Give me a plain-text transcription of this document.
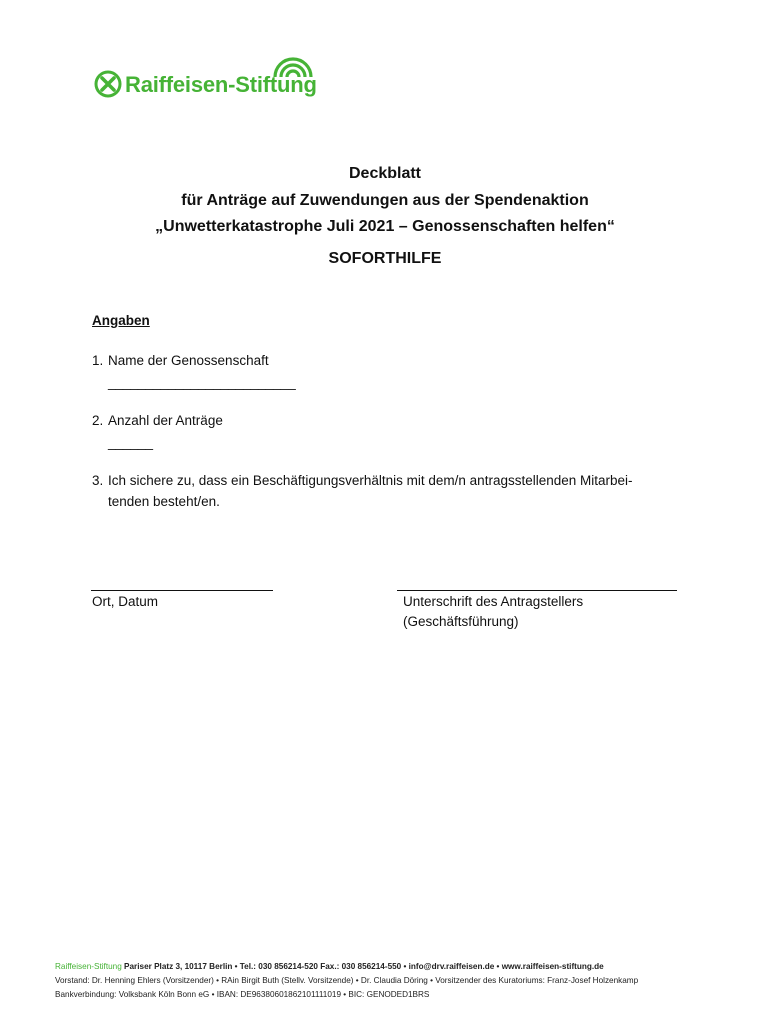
Raiffeisen-Stiftung
Deckblatt
für Anträge auf Zuwendungen aus der Spendenaktion
„Unwetterkatastrophe Juli 2021 – Genossenschaften helfen“
SOFORTHILFE
Angaben
1. Name der Genossenschaft
_________________________
2. Anzahl der Anträge
______
3. Ich sichere zu, dass ein Beschäftigungsverhältnis mit dem/n antragsstellenden Mitarbei-
tenden besteht/en.
Ort, Datum	Unterschrift des Antragstellers
(Geschäftsführung)
Raiffeisen-Stiftung Pariser Platz 3, 10117 Berlin • Tel.: 030 856214-520 Fax.: 030 856214-550 • info@drv.raiffeisen.de • www.raiffeisen-stiftung.de
Vorstand: Dr. Henning Ehlers (Vorsitzender) • RAin Birgit Buth (Stellv. Vorsitzende) • Dr. Claudia Döring • Vorsitzender des Kuratoriums: Franz-Josef Holzenkamp
Bankverbindung: Volksbank Köln Bonn eG • IBAN: DE96380601862101111019 • BIC: GENODED1BRS
